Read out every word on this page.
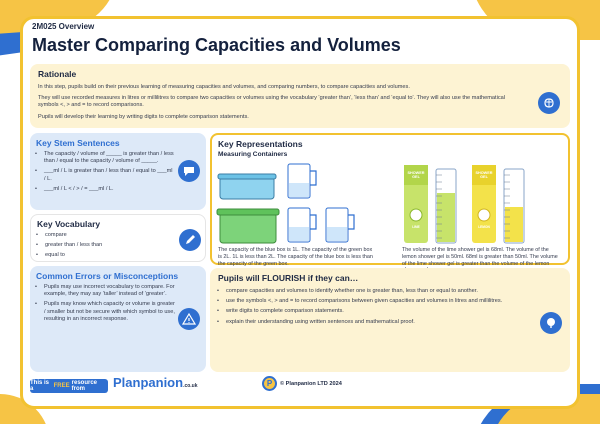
2M025 Overview
Master Comparing Capacities and Volumes
Rationale
In this step, pupils build on their previous learning of measuring capacities and volumes, and comparing numbers, to compare capacities and volumes.
They will use recorded measures in litres or millilitres to compare two capacities or volumes using the vocabulary ‘greater than’, ‘less than’ and ‘equal to’. They will also use the mathematical symbols <, > and = to record comparisons.
Pupils will develop their learning by writing digits to complete comparison statements.
Key Stem Sentences
• The capacity / volume of _____ is greater than / less than / equal to the capacity / volume of _____.
• ___ml / L is greater than / less than / equal to ___ml / L.
• ___ml / L < / > / = ___ml / L.
Key Vocabulary
• compare
• greater than / less than
• equal to
Common Errors or Misconceptions
• Pupils may use incorrect vocabulary to compare. For example, they may say ‘taller’ instead of ‘greater’.
• Pupils may know which capacity or volume is greater / smaller but not be secure with which symbol to use, resulting in an incorrect response.
Key Representations
Measuring Containers
The capacity of the blue box is 1L. The capacity of the green box is 2L. 1L is less than 2L. The capacity of the blue box is less than the capacity of the green box.
SHOWER GEL
LIME
SHOWER GEL
LEMON
The volume of the lime shower gel is 68ml. The volume of the lemon shower gel is 50ml. 68ml is greater than 50ml. The volume of the lime shower gel is greater than the volume of the lemon
Pupils will FLOURISH if they can…
• compare capacities and volumes to identify whether one is greater than, less than or equal to another.
• use the symbols <, > and = to record comparisons between given capacities and volumes in litres and millilitres.
• write digits to complete comparison statements.
• explain their understanding using written sentences and mathematical proof.
This is a	FREE resource from	Planpanion.co.uk	P	© Planpanion LTD 2024
